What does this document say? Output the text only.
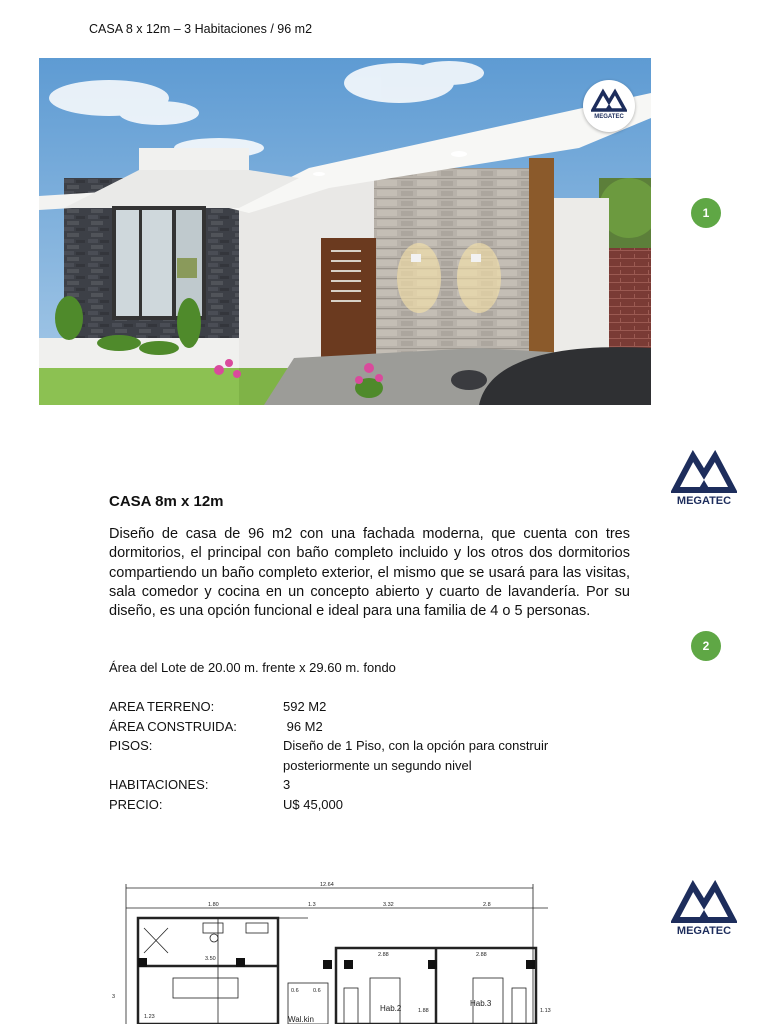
CASA 8 x 12m – 3 Habitaciones / 96 m2
MEGATEC
1
2
MEGATEC
MEGATEC
CASA 8m x 12m

Diseño de casa de 96 m2 con una fachada moderna, que cuenta con tres dormitorios, el principal con baño completo incluido y los otros dos dormitorios compartiendo un baño completo exterior, el mismo que se usará para las visitas, sala comedor y cocina en un concepto abierto y cuarto de lavandería. Por su diseño, es una opción funcional e ideal para una familia de 4 o 5 personas.

Área del Lote de 20.00 m. frente x 29.60 m. fondo

AREA TERRENO:	592 M2
ÁREA CONSTRUIDA:	96 M2
PISOS:	Diseño de 1 Piso, con la opción para construir posteriormente un segundo nivel
HABITACIONES:	3
PRECIO:	U$ 45,000
12.64
1.80	1.3	3.32	2.8
2.88	2.88
3.50
0.6	0.6
1.88	1.13
1.23
3
Hab.2
Hab.3
Wal.kin
